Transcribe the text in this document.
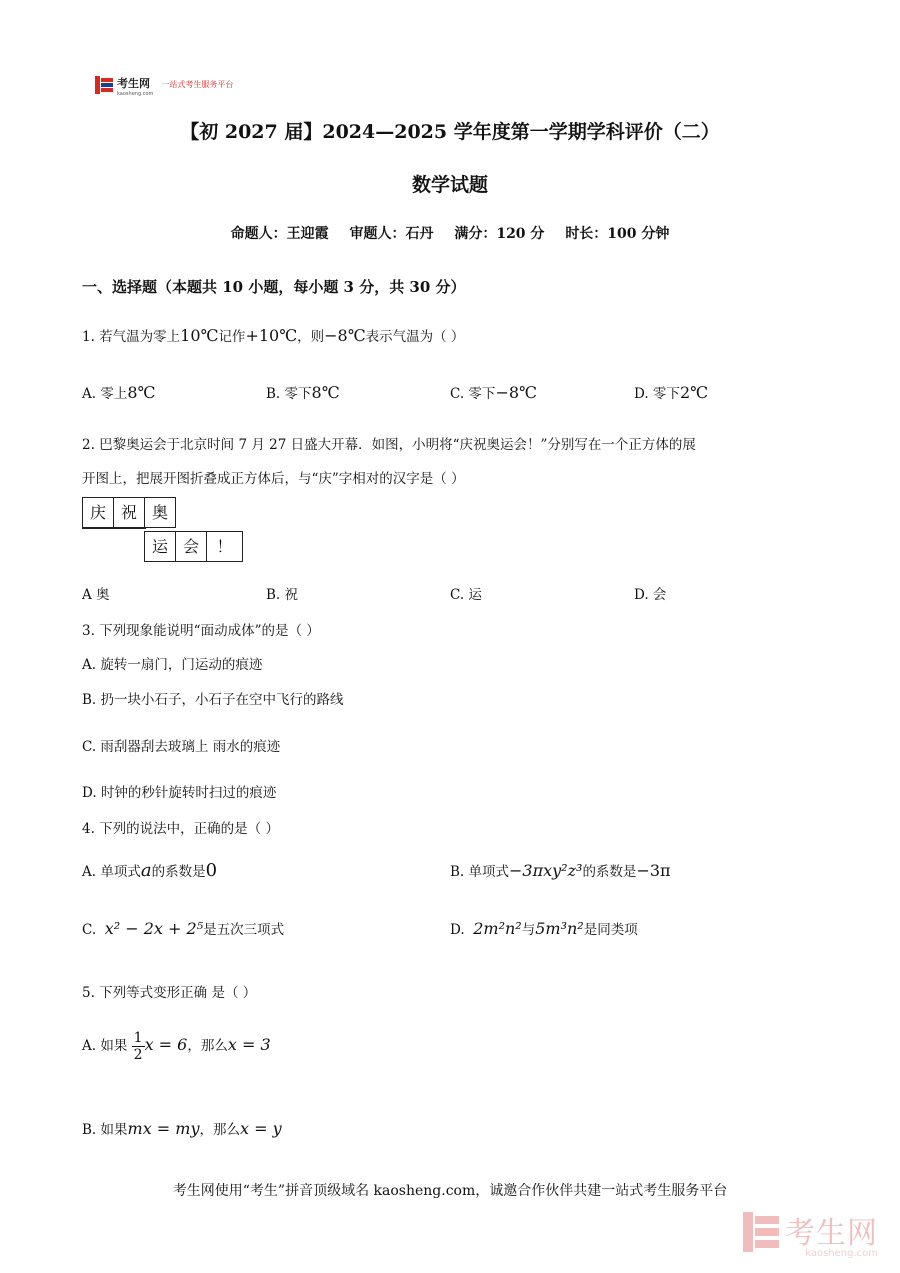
考生网
kaosheng.com
一站式考生服务平台
【初 2027 届】2024—2025 学年度第一学期学科评价（二）
数学试题
命题人：王迎霞 审题人：石丹 满分：120 分 时长：100 分钟
一、选择题（本题共 10 小题，每小题 3 分，共 30 分）
1. 若气温为零上10℃记作+10℃，则−8℃表示气温为（ ）
A. 零上8℃	B. 零下8℃	C. 零下−8℃	D. 零下2℃
2. 巴黎奥运会于北京时间 7 月 27 日盛大开幕．如图，小明将“庆祝奥运会！”分别写在一个正方体的展
开图上，把展开图折叠成正方体后，与“庆”字相对的汉字是（ ）
庆 祝 奥
运 会	！
A 奥	B. 祝	C. 运	D. 会
3. 下列现象能说明“面动成体”的是（ ）
A. 旋转一扇门，门运动的痕迹
B. 扔一块小石子，小石子在空中飞行的路线
C. 雨刮器刮去玻璃上 雨水的痕迹
D. 时钟的秒针旋转时扫过的痕迹
4. 下列的说法中，正确的是（ ）
A. 单项式a的系数是0	B. 单项式−3πxy²z³的系数是−3π
C. x² − 2x + 2⁵是五次三项式	D. 2m²n²与5m³n²是同类项
5. 下列等式变形正确 是（ ）
A. 如果 $\frac{1}{2}$ x = 6，那么x = 3
B. 如果mx = my，那么x = y
考生网使用“考生”拼音顶级域名 kaosheng.com，诚邀合作伙伴共建一站式考生服务平台
考生网
kaosheng.com
